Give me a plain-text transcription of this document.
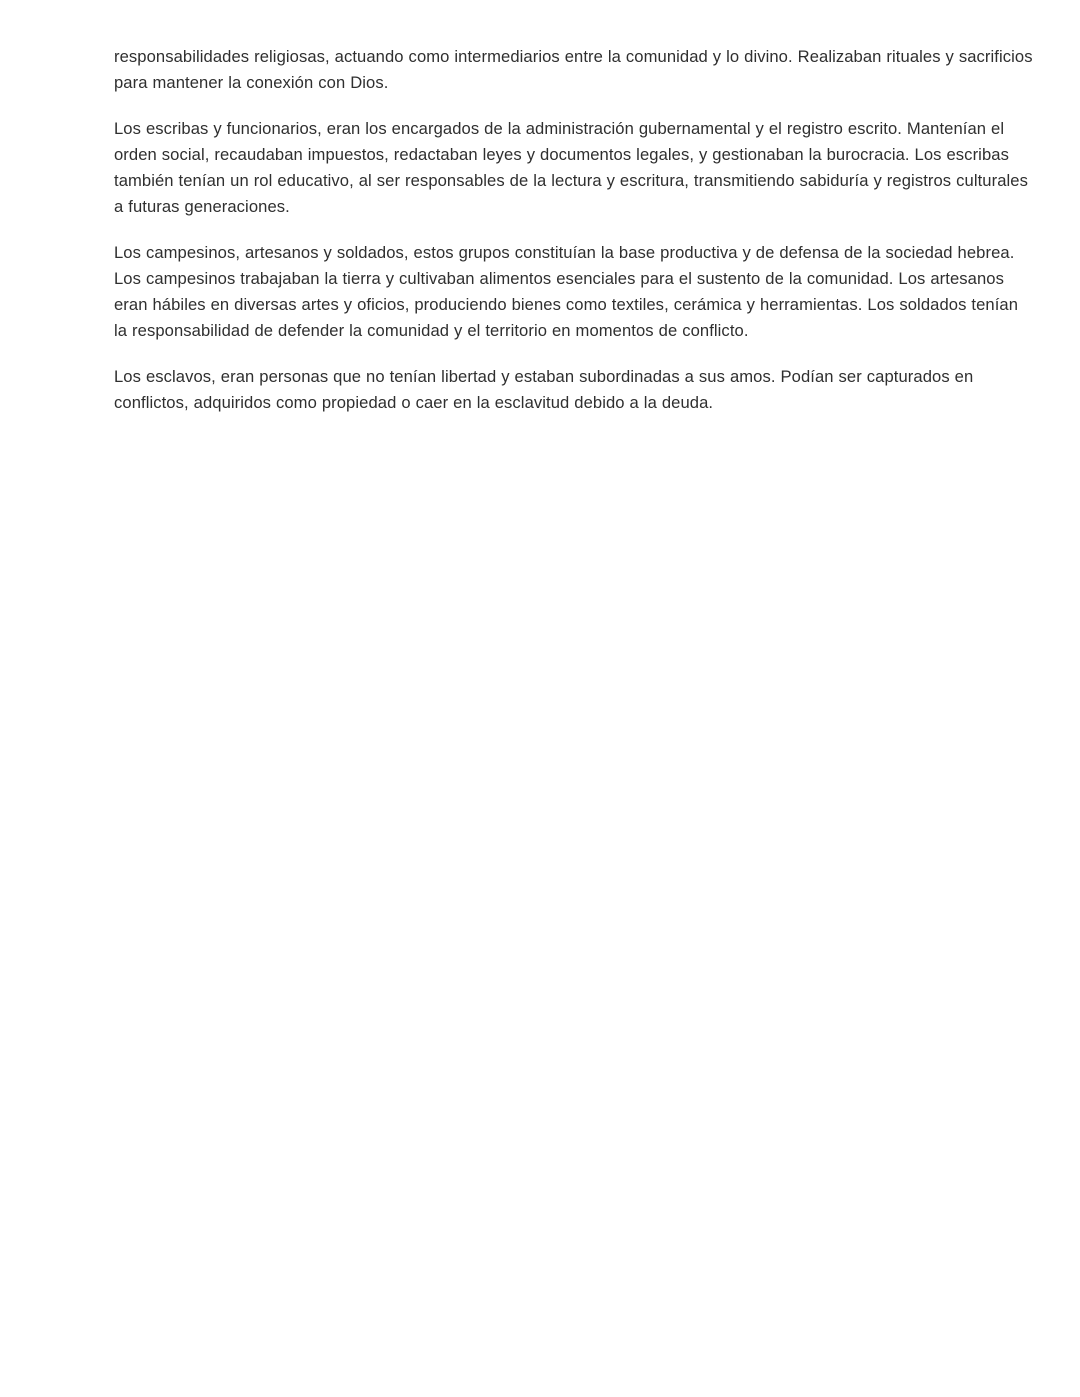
responsabilidades religiosas, actuando como intermediarios entre la comunidad y lo divino. Realizaban rituales y sacrificios para mantener la conexión con Dios.

Los escribas y funcionarios, eran los encargados de la administración gubernamental y el registro escrito. Mantenían el orden social, recaudaban impuestos, redactaban leyes y documentos legales, y gestionaban la burocracia. Los escribas también tenían un rol educativo, al ser responsables de la lectura y escritura, transmitiendo sabiduría y registros culturales a futuras generaciones.

Los campesinos, artesanos y soldados, estos grupos constituían la base productiva y de defensa de la sociedad hebrea. Los campesinos trabajaban la tierra y cultivaban alimentos esenciales para el sustento de la comunidad. Los artesanos eran hábiles en diversas artes y oficios, produciendo bienes como textiles, cerámica y herramientas. Los soldados tenían la responsabilidad de defender la comunidad y el territorio en momentos de conflicto.

Los esclavos, eran personas que no tenían libertad y estaban subordinadas a sus amos. Podían ser capturados en conflictos, adquiridos como propiedad o caer en la esclavitud debido a la deuda.
